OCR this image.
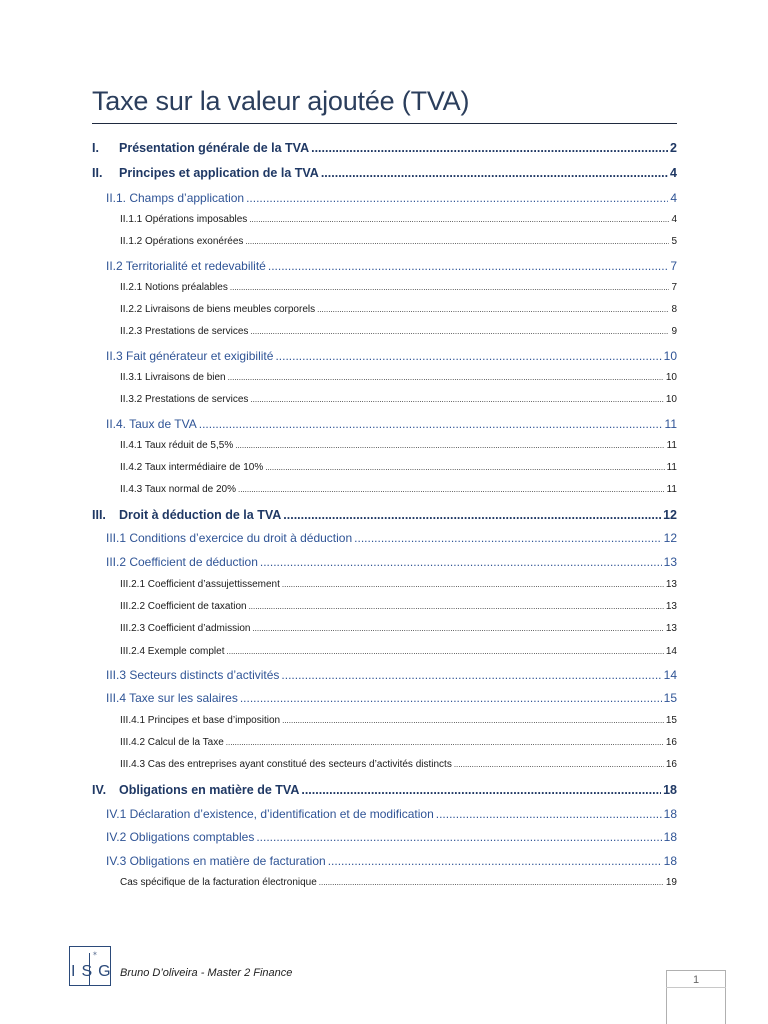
Taxe sur la valeur ajoutée (TVA)
I. Présentation générale de la TVA .....	2
II. Principes et application de la TVA .....	4
II.1. Champs d’application .....	4
II.1.1 Opérations imposables .....	4
II.1.2 Opérations exonérées .....	5
II.2 Territorialité et redevabilité .....	7
II.2.1 Notions préalables .....	7
II.2.2 Livraisons de biens meubles corporels .....	8
II.2.3 Prestations de services .....	9
II.3 Fait générateur et exigibilité .....	10
II.3.1 Livraisons de bien .....	10
II.3.2 Prestations de services .....	10
II.4. Taux de TVA .....	11
II.4.1 Taux réduit de 5,5% .....	11
II.4.2 Taux intermédiaire de 10% .....	11
II.4.3 Taux normal de 20% .....	11
III. Droit à déduction de la TVA .....	12
III.1 Conditions d’exercice du droit à déduction .....	12
III.2 Coefficient de déduction .....	13
III.2.1 Coefficient d’assujettissement .....	13
III.2.2 Coefficient de taxation .....	13
III.2.3 Coefficient d’admission .....	13
III.2.4 Exemple complet .....	14
III.3 Secteurs distincts d’activités .....	14
III.4 Taxe sur les salaires .....	15
III.4.1 Principes et base d’imposition .....	15
III.4.2 Calcul de la Taxe .....	16
III.4.3 Cas des entreprises ayant constitué des secteurs d’activités distincts .....	16
IV. Obligations en matière de TVA .....	18
IV.1 Déclaration d’existence, d’identification et de modification .....	18
IV.2 Obligations comptables .....	18
IV.3 Obligations en matière de facturation .....	18
Cas spécifique de la facturation électronique .....	19
✶
ISG Bruno D’oliveira - Master 2 Finance
1
